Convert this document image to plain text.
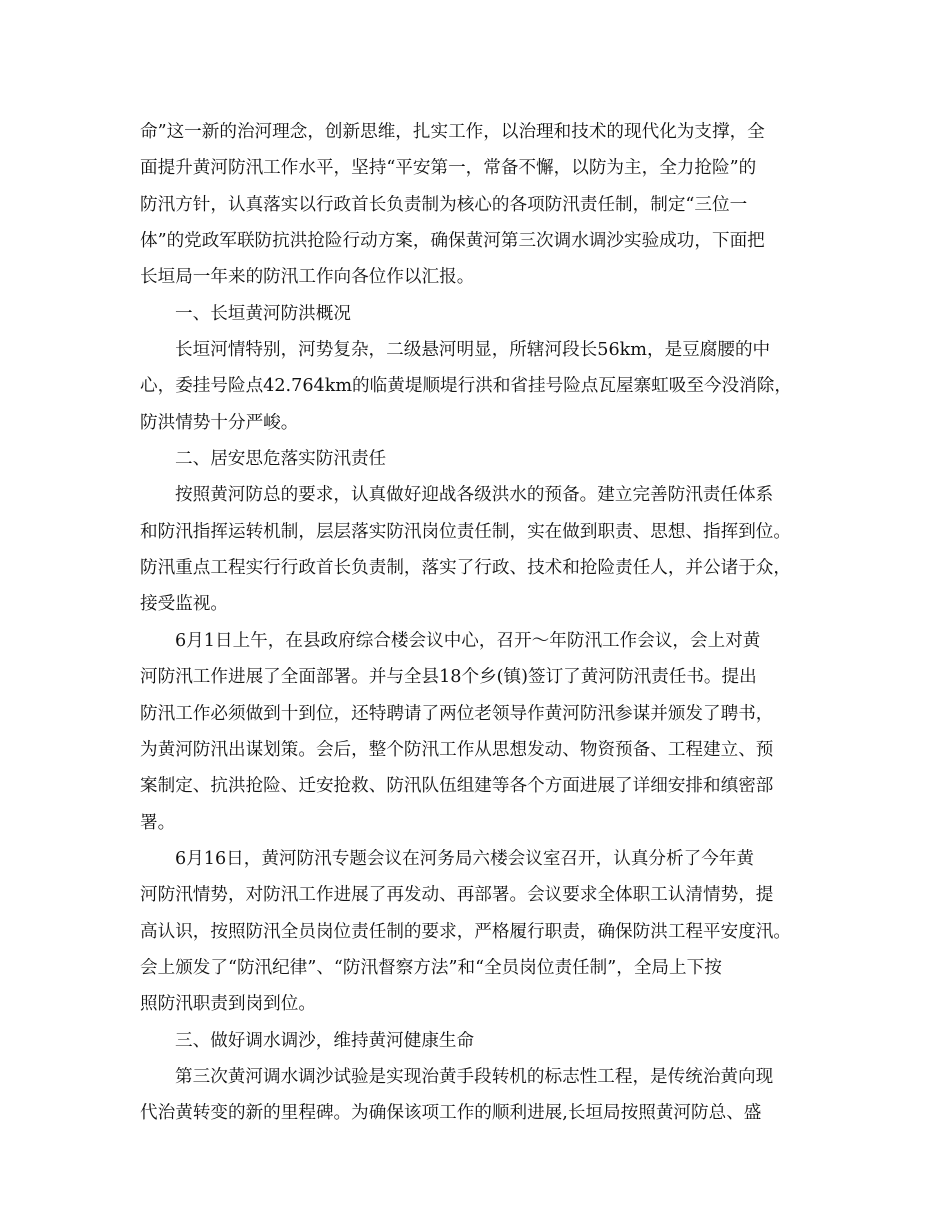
命”这一新的治河理念，创新思维，扎实工作，以治理和技术的现代化为支撑，全
面提升黄河防汛工作水平，坚持“平安第一，常备不懈，以防为主，全力抢险”的
防汛方针，认真落实以行政首长负责制为核心的各项防汛责任制，制定“三位一
体”的党政军联防抗洪抢险行动方案，确保黄河第三次调水调沙实验成功，下面把
长垣局一年来的防汛工作向各位作以汇报。
一、长垣黄河防洪概况
长垣河情特别，河势复杂，二级悬河明显，所辖河段长56km，是豆腐腰的中
心，委挂号险点42.764km的临黄堤顺堤行洪和省挂号险点瓦屋寨虹吸至今没消除，
防洪情势十分严峻。
二、居安思危落实防汛责任
按照黄河防总的要求，认真做好迎战各级洪水的预备。建立完善防汛责任体系
和防汛指挥运转机制，层层落实防汛岗位责任制，实在做到职责、思想、指挥到位。
防汛重点工程实行行政首长负责制，落实了行政、技术和抢险责任人，并公诸于众，
接受监视。
6月1日上午，在县政府综合楼会议中心，召开～年防汛工作会议，会上对黄
河防汛工作进展了全面部署。并与全县18个乡(镇)签订了黄河防汛责任书。提出
防汛工作必须做到十到位，还特聘请了两位老领导作黄河防汛参谋并颁发了聘书，
为黄河防汛出谋划策。会后，整个防汛工作从思想发动、物资预备、工程建立、预
案制定、抗洪抢险、迁安抢救、防汛队伍组建等各个方面进展了详细安排和缜密部
署。
6月16日，黄河防汛专题会议在河务局六楼会议室召开，认真分析了今年黄
河防汛情势，对防汛工作进展了再发动、再部署。会议要求全体职工认清情势，提
高认识，按照防汛全员岗位责任制的要求，严格履行职责，确保防洪工程平安度汛。
会上颁发了“防汛纪律”、“防汛督察方法”和“全员岗位责任制”，全局上下按
照防汛职责到岗到位。
三、做好调水调沙，维持黄河健康生命
第三次黄河调水调沙试验是实现治黄手段转机的标志性工程，是传统治黄向现
代治黄转变的新的里程碑。为确保该项工作的顺利进展,长垣局按照黄河防总、盛
